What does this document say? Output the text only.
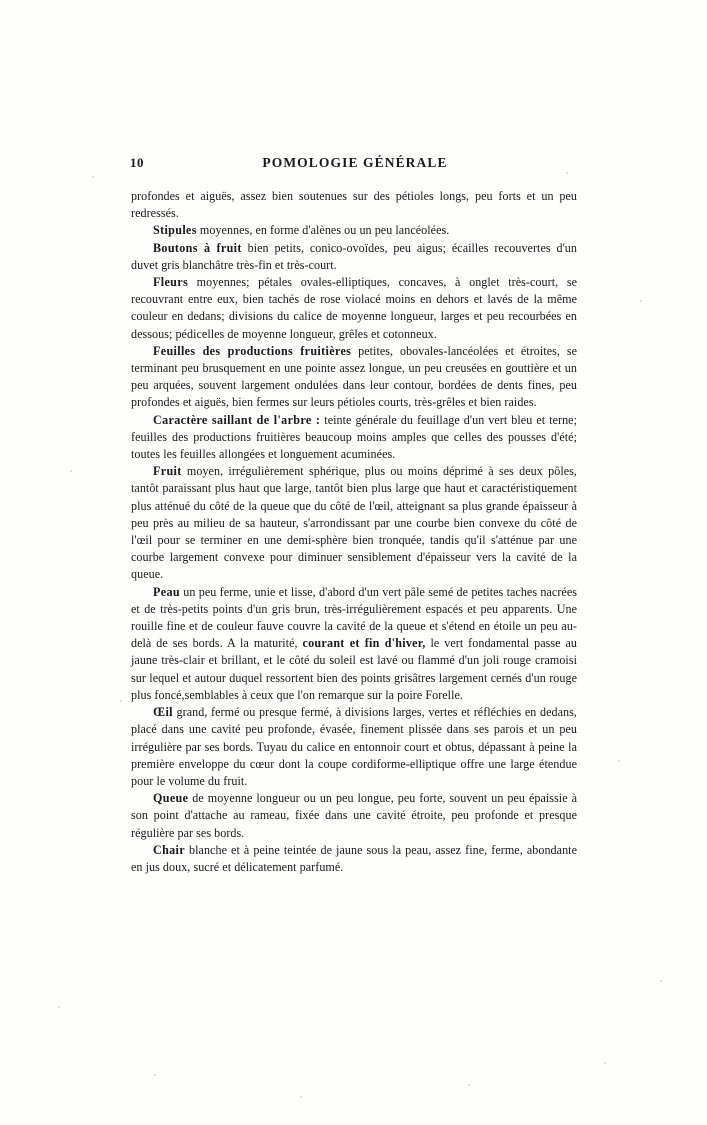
10	POMOLOGIE GÉNÉRALE

profondes et aiguës, assez bien soutenues sur des pétioles longs, peu forts et un peu redressés.

Stipules moyennes, en forme d'alènes ou un peu lancéolées.

Boutons à fruit bien petits, conico-ovoïdes, peu aigus; écailles recouvertes d'un duvet gris blanchâtre très-fin et très-court.

Fleurs moyennes; pétales ovales-elliptiques, concaves, à onglet très-court, se recouvrant entre eux, bien tachés de rose violacé moins en dehors et lavés de la même couleur en dedans; divisions du calice de moyenne longueur, larges et peu recourbées en dessous; pédicelles de moyenne longueur, grêles et cotonneux.

Feuilles des productions fruitières petites, obovales-lancéolées et étroites, se terminant peu brusquement en une pointe assez longue, un peu creusées en gouttière et un peu arquées, souvent largement ondulées dans leur contour, bordées de dents fines, peu profondes et aiguës, bien fermes sur leurs pétioles courts, très-grêles et bien raides.

Caractère saillant de l'arbre : teinte générale du feuillage d'un vert bleu et terne; feuilles des productions fruitières beaucoup moins amples que celles des pousses d'été; toutes les feuilles allongées et longuement acuminées.

Fruit moyen, irrégulièrement sphérique, plus ou moins déprimé à ses deux pôles, tantôt paraissant plus haut que large, tantôt bien plus large que haut et caractéristiquement plus atténué du côté de la queue que du côté de l'œil, atteignant sa plus grande épaisseur à peu près au milieu de sa hauteur, s'arrondissant par une courbe bien convexe du côté de l'œil pour se terminer en une demi-sphère bien tronquée, tandis qu'il s'atténue par une courbe largement convexe pour diminuer sensiblement d'épaisseur vers la cavité de la queue.

Peau un peu ferme, unie et lisse, d'abord d'un vert pâle semé de petites taches nacrées et de très-petits points d'un gris brun, très-irrégulièrement espacés et peu apparents. Une rouille fine et de couleur fauve couvre la cavité de la queue et s'étend en étoile un peu au-delà de ses bords. A la maturité, courant et fin d'hiver, le vert fondamental passe au jaune très-clair et brillant, et le côté du soleil est lavé ou flammé d'un joli rouge cramoisi sur lequel et autour duquel ressortent bien des points grisâtres largement cernés d'un rouge plus foncé,semblables à ceux que l'on remarque sur la poire Forelle.

Œil grand, fermé ou presque fermé, à divisions larges, vertes et réfléchies en dedans, placé dans une cavité peu profonde, évasée, finement plissée dans ses parois et un peu irrégulière par ses bords. Tuyau du calice en entonnoir court et obtus, dépassant à peine la première enveloppe du cœur dont la coupe cordiforme-elliptique offre une large étendue pour le volume du fruit.

Queue de moyenne longueur ou un peu longue, peu forte, souvent un peu épaissie à son point d'attache au rameau, fixée dans une cavité étroite, peu profonde et presque régulière par ses bords.

Chair blanche et à peine teintée de jaune sous la peau, assez fine, ferme, abondante en jus doux, sucré et délicatement parfumé.
